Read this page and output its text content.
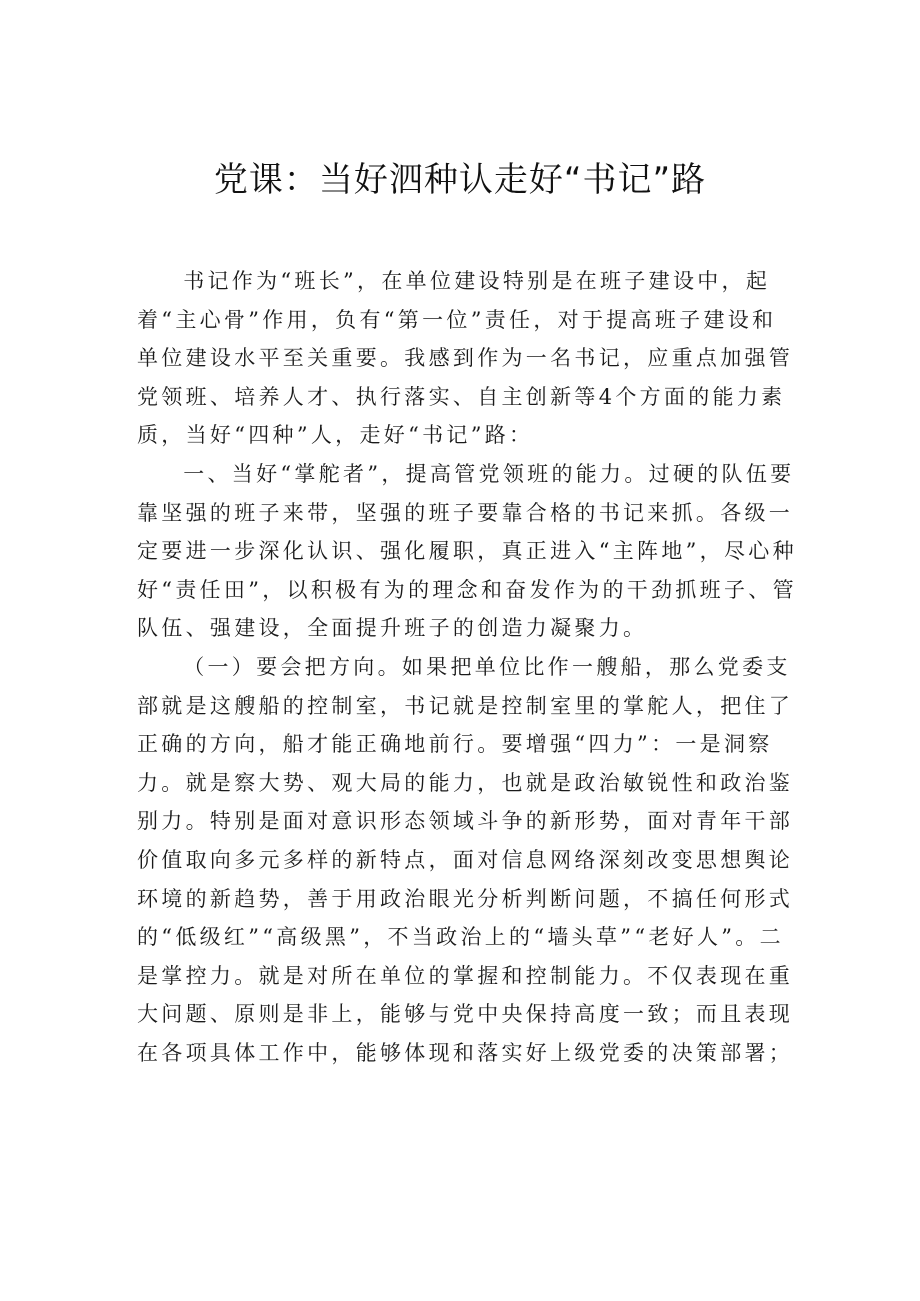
党课：当好泗种认走好“书记”路

书记作为“班长”，在单位建设特别是在班子建设中，起着“主心骨”作用，负有“第一位”责任，对于提高班子建设和单位建设水平至关重要。我感到作为一名书记，应重点加强管党领班、培养人才、执行落实、自主创新等4个方面的能力素质，当好“四种”人，走好“书记”路：

一、当好“掌舵者”，提高管党领班的能力。过硬的队伍要靠坚强的班子来带，坚强的班子要靠合格的书记来抓。各级一定要进一步深化认识、强化履职，真正进入“主阵地”，尽心种好“责任田”，以积极有为的理念和奋发作为的干劲抓班子、管队伍、强建设，全面提升班子的创造力凝聚力。

（一）要会把方向。如果把单位比作一艘船，那么党委支部就是这艘船的控制室，书记就是控制室里的掌舵人，把住了正确的方向，船才能正确地前行。要增强“四力”：一是洞察力。就是察大势、观大局的能力，也就是政治敏锐性和政治鉴别力。特别是面对意识形态领域斗争的新形势，面对青年干部价值取向多元多样的新特点，面对信息网络深刻改变思想舆论环境的新趋势，善于用政治眼光分析判断问题，不搞任何形式的“低级红”“高级黑”，不当政治上的“墙头草”“老好人”。二是掌控力。就是对所在单位的掌握和控制能力。不仅表现在重大问题、原则是非上，能够与党中央保持高度一致；而且表现在各项具体工作中，能够体现和落实好上级党委的决策部署；
